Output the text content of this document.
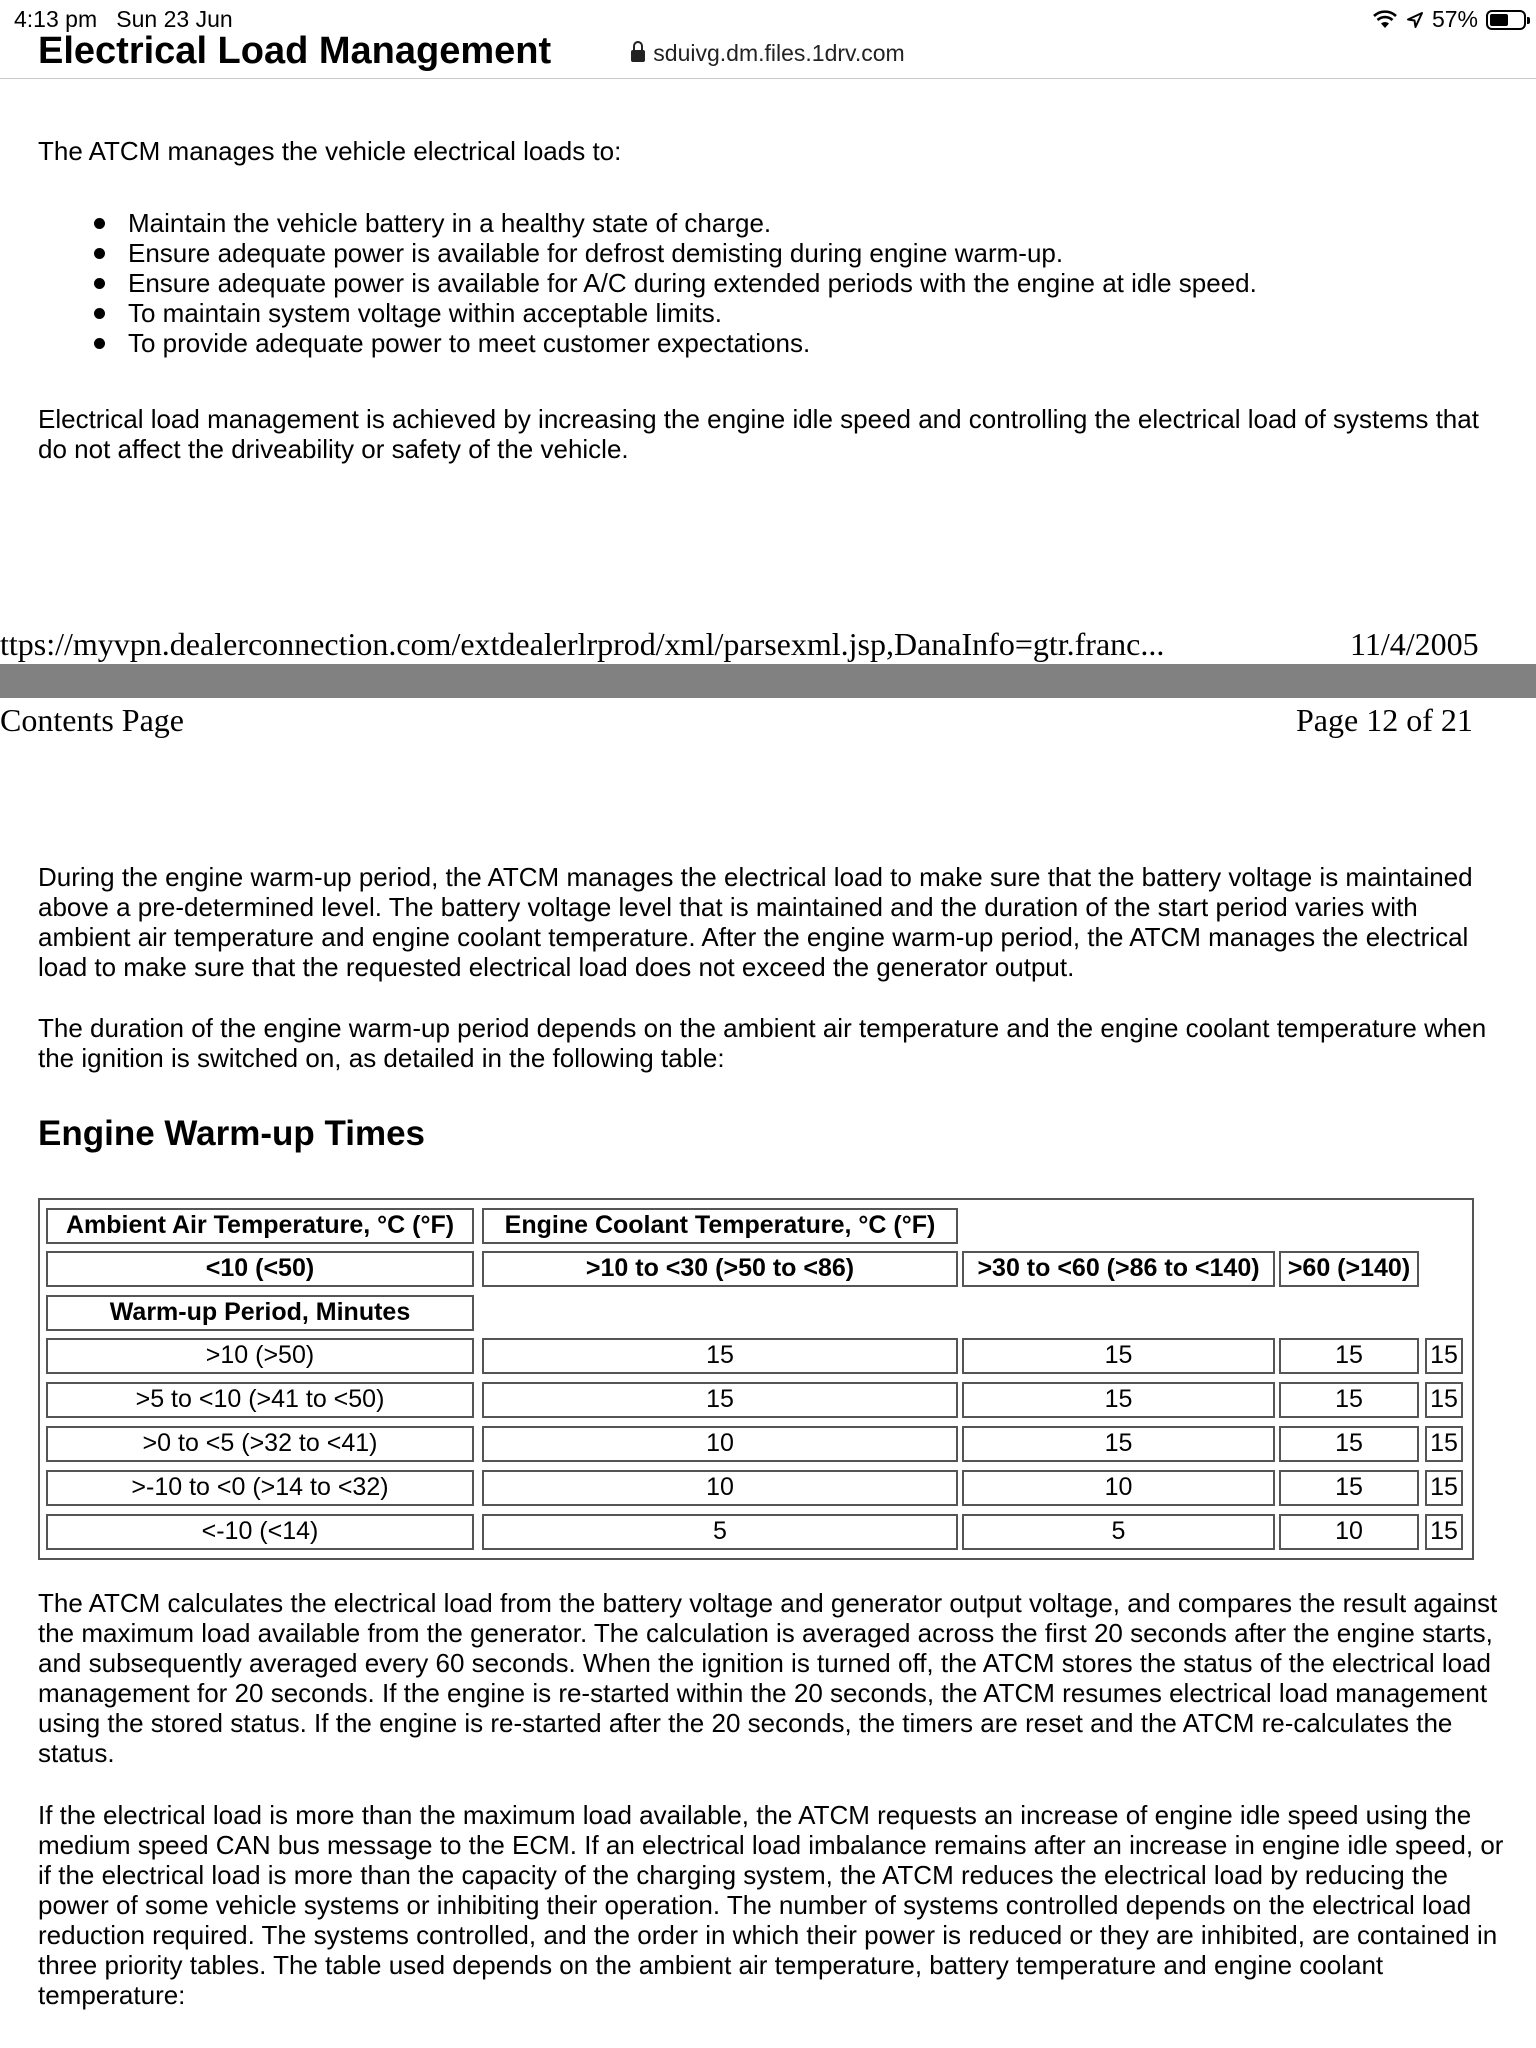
4:13 pm Sun 23 Jun	57%
sduivg.dm.files.1drv.com
Electrical Load Management
The ATCM manages the vehicle electrical loads to:
Maintain the vehicle battery in a healthy state of charge.
Ensure adequate power is available for defrost demisting during engine warm-up.
Ensure adequate power is available for A/C during extended periods with the engine at idle speed.
To maintain system voltage within acceptable limits.
To provide adequate power to meet customer expectations.
Electrical load management is achieved by increasing the engine idle speed and controlling the electrical load of systems that do not affect the driveability or safety of the vehicle.
ttps://myvpn.dealerconnection.com/extdealerlrprod/xml/parsexml.jsp,DanaInfo=gtr.franc...	11/4/2005
Contents Page	Page 12 of 21
During the engine warm-up period, the ATCM manages the electrical load to make sure that the battery voltage is maintained above a pre-determined level. The battery voltage level that is maintained and the duration of the start period varies with ambient air temperature and engine coolant temperature. After the engine warm-up period, the ATCM manages the electrical load to make sure that the requested electrical load does not exceed the generator output.
The duration of the engine warm-up period depends on the ambient air temperature and the engine coolant temperature when the ignition is switched on, as detailed in the following table:
Engine Warm-up Times
Ambient Air Temperature, °C (°F)	Engine Coolant Temperature, °C (°F)
<10 (<50)	>10 to <30 (>50 to <86)	>30 to <60 (>86 to <140)	>60 (>140)
Warm-up Period, Minutes
>10 (>50)	15	15	15	15
>5 to <10 (>41 to <50)	15	15	15	15
>0 to <5 (>32 to <41)	10	15	15	15
>-10 to <0 (>14 to <32)	10	10	15	15
<-10 (<14)	5	5	10	15
The ATCM calculates the electrical load from the battery voltage and generator output voltage, and compares the result against the maximum load available from the generator. The calculation is averaged across the first 20 seconds after the engine starts, and subsequently averaged every 60 seconds. When the ignition is turned off, the ATCM stores the status of the electrical load management for 20 seconds. If the engine is re-started within the 20 seconds, the ATCM resumes electrical load management using the stored status. If the engine is re-started after the 20 seconds, the timers are reset and the ATCM re-calculates the status.
If the electrical load is more than the maximum load available, the ATCM requests an increase of engine idle speed using the medium speed CAN bus message to the ECM. If an electrical load imbalance remains after an increase in engine idle speed, or if the electrical load is more than the capacity of the charging system, the ATCM reduces the electrical load by reducing the power of some vehicle systems or inhibiting their operation. The number of systems controlled depends on the electrical load reduction required. The systems controlled, and the order in which their power is reduced or they are inhibited, are contained in three priority tables. The table used depends on the ambient air temperature, battery temperature and engine coolant temperature:
